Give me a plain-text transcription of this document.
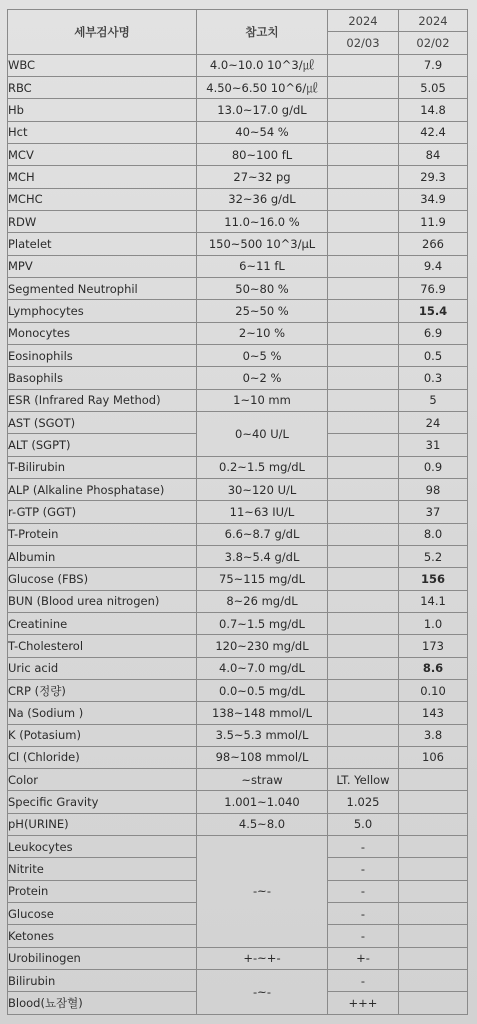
세부검사명	참고치	2024	2024
		02/03	02/02
WBC	4.0~10.0 10^3/㎕		7.9
RBC	4.50~6.50 10^6/㎕		5.05
Hb	13.0~17.0 g/dL		14.8
Hct	40~54 %		42.4
MCV	80~100 fL		84
MCH	27~32 pg		29.3
MCHC	32~36 g/dL		34.9
RDW	11.0~16.0 %		11.9
Platelet	150~500 10^3/μL		266
MPV	6~11 fL		9.4
Segmented Neutrophil	50~80 %		76.9
Lymphocytes	25~50 %		15.4
Monocytes	2~10 %		6.9
Eosinophils	0~5 %		0.5
Basophils	0~2 %		0.3
ESR (Infrared Ray Method)	1~10 mm		5
AST (SGOT)	0~40 U/L		24
ALT (SGPT)			31
T-Bilirubin	0.2~1.5 mg/dL		0.9
ALP (Alkaline Phosphatase)	30~120 U/L		98
r-GTP (GGT)	11~63 IU/L		37
T-Protein	6.6~8.7 g/dL		8.0
Albumin	3.8~5.4 g/dL		5.2
Glucose (FBS)	75~115 mg/dL		156
BUN (Blood urea nitrogen)	8~26 mg/dL		14.1
Creatinine	0.7~1.5 mg/dL		1.0
T-Cholesterol	120~230 mg/dL		173
Uric acid	4.0~7.0 mg/dL		8.6
CRP (정량)	0.0~0.5 mg/dL		0.10
Na (Sodium )	138~148 mmol/L		143
K (Potasium)	3.5~5.3 mmol/L		3.8
Cl (Chloride)	98~108 mmol/L		106
Color	~straw	LT. Yellow	
Specific Gravity	1.001~1.040	1.025	
pH(URINE)	4.5~8.0	5.0	
Leukocytes	-~-	-	
Nitrite		-	
Protein		-	
Glucose		-	
Ketones		-	
Urobilinogen	+-~+-	+-	
Bilirubin	-~-	-	
Blood(뇨잠혈)		+++	
